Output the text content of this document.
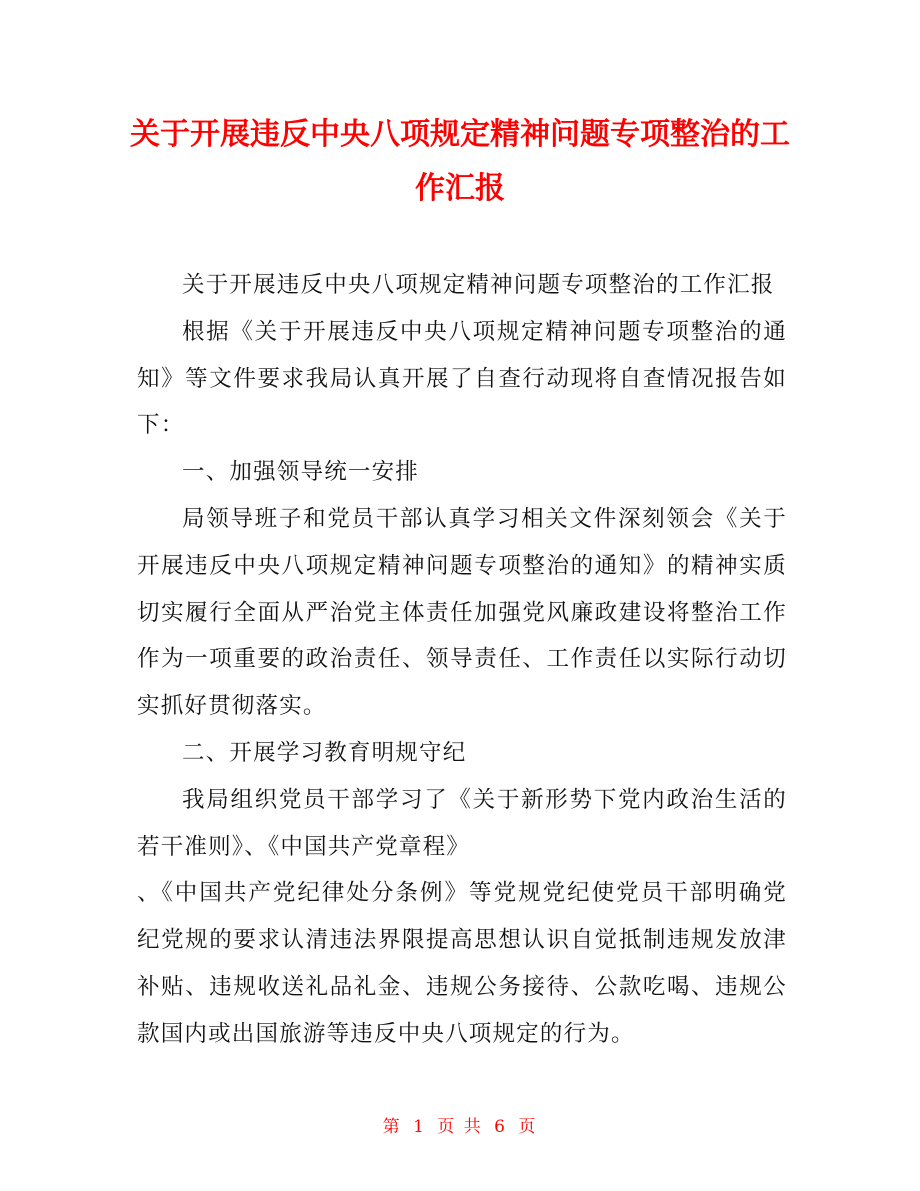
关于开展违反中央八项规定精神问题专项整治的工作汇报

关于开展违反中央八项规定精神问题专项整治的工作汇报

根据《关于开展违反中央八项规定精神问题专项整治的通知》等文件要求我局认真开展了自查行动现将自查情况报告如下：

一、加强领导统一安排

局领导班子和党员干部认真学习相关文件深刻领会《关于开展违反中央八项规定精神问题专项整治的通知》的精神实质切实履行全面从严治党主体责任加强党风廉政建设将整治工作作为一项重要的政治责任、领导责任、工作责任以实际行动切实抓好贯彻落实。

二、开展学习教育明规守纪

我局组织党员干部学习了《关于新形势下党内政治生活的若干准则》、《中国共产党章程》

、《中国共产党纪律处分条例》等党规党纪使党员干部明确党纪党规的要求认清违法界限提高思想认识自觉抵制违规发放津补贴、违规收送礼品礼金、违规公务接待、公款吃喝、违规公款国内或出国旅游等违反中央八项规定的行为。

第 1 页 共 6 页
